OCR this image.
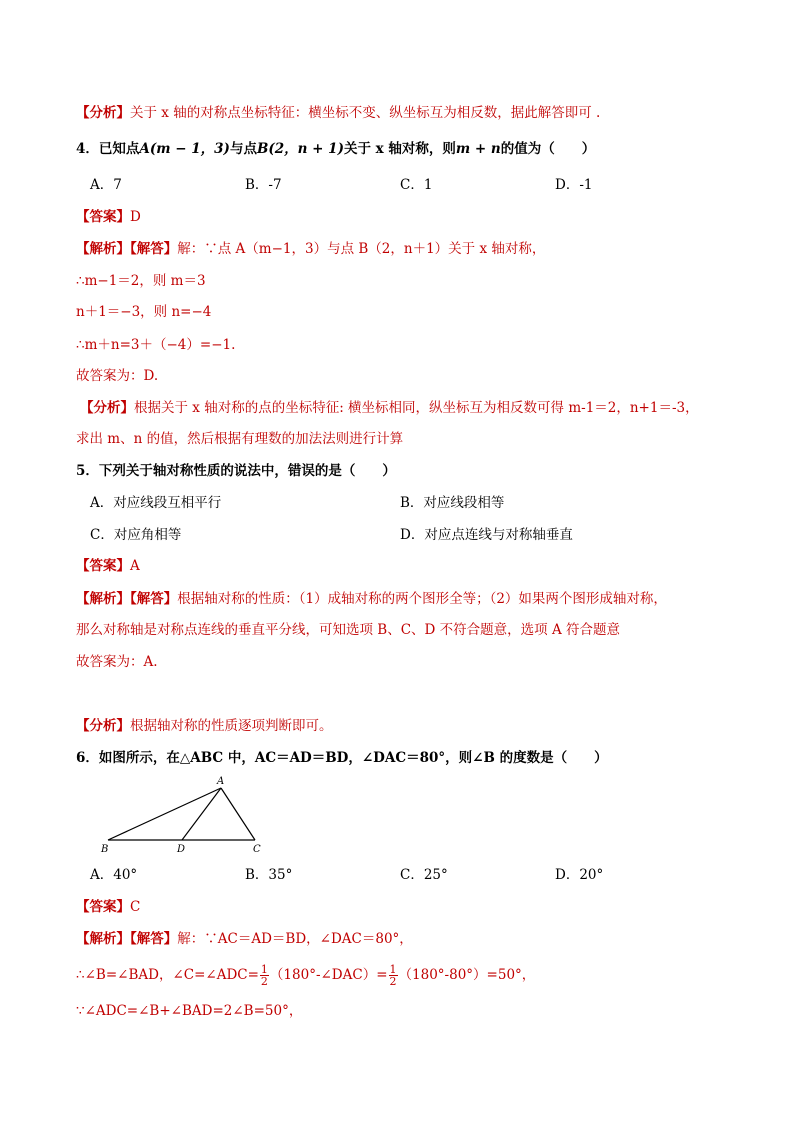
【分析】关于 x 轴的对称点坐标特征：横坐标不变、纵坐标互为相反数，据此解答即可 .
4．已知点A(m − 1，3)与点B(2，n + 1)关于 x 轴对称，则m + n的值为（　　）
A．7	B．-7	C．1	D．-1
【答案】D
【解析】【解答】解：∵点 A（m−1，3）与点 B（2，n＋1）关于 x 轴对称，
∴m−1＝2，则 m＝3
n＋1＝−3，则 n=−4
∴m＋n=3＋（−4）=−1.
故答案为：D.
【分析】根据关于 x 轴对称的点的坐标特征: 横坐标相同，纵坐标互为相反数可得 m-1＝2，n+1＝-3，
求出 m、n 的值，然后根据有理数的加法法则进行计算
5．下列关于轴对称性质的说法中，错误的是（　　）
A．对应线段互相平行	B．对应线段相等
C．对应角相等	D．对应点连线与对称轴垂直
【答案】A
【解析】【解答】根据轴对称的性质：（1）成轴对称的两个图形全等；（2）如果两个图形成轴对称，
那么对称轴是对称点连线的垂直平分线，可知选项 B、C、D 不符合题意，选项 A 符合题意
故答案为：A.
【分析】根据轴对称的性质逐项判断即可。
6．如图所示，在△ABC 中，AC＝AD＝BD，∠DAC＝80°，则∠B 的度数是（　　）
A
B	D	C
A．40°	B．35°	C．25°	D．20°
【答案】C
【解析】【解答】解：∵AC＝AD＝BD，∠DAC＝80°，
∴∠B=∠BAD，∠C=∠ADC= $\frac{1}{2}$ （180°-∠DAC）= $\frac{1}{2} (180^\circ-80^\circ)=50^\circ$，
∵∠ADC=∠B+∠BAD=2∠B=50°，
